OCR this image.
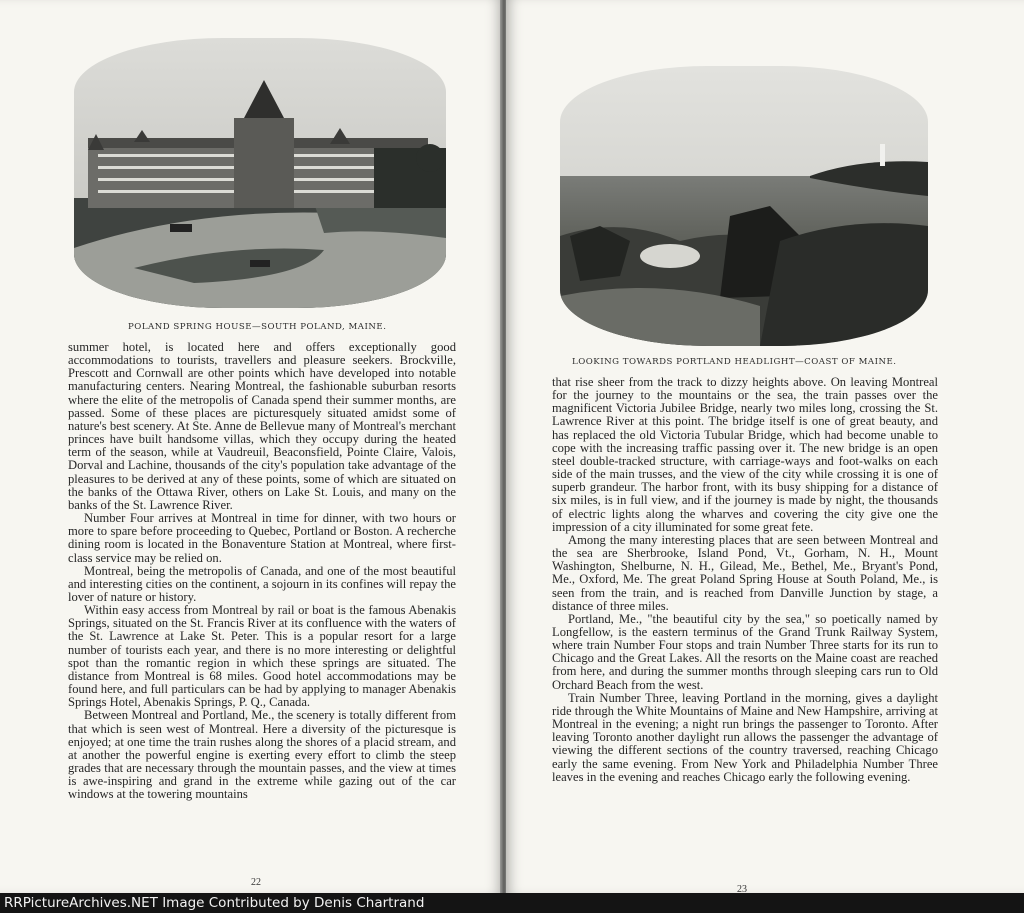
POLAND SPRING HOUSE—SOUTH POLAND, MAINE.

summer hotel, is located here and offers exceptionally good accommodations to tourists, travellers and pleasure seekers. Brockville, Prescott and Cornwall are other points which have developed into notable manufacturing centers. Nearing Montreal, the fashionable suburban resorts where the elite of the metropolis of Canada spend their summer months, are passed. Some of these places are picturesquely situated amidst some of nature's best scenery. At Ste. Anne de Bellevue many of Montreal's merchant princes have built handsome villas, which they occupy during the heated term of the season, while at Vaudreuil, Beaconsfield, Pointe Claire, Valois, Dorval and Lachine, thousands of the city's population take advantage of the pleasures to be derived at any of these points, some of which are situated on the banks of the Ottawa River, others on Lake St. Louis, and many on the banks of the St. Lawrence River.

Number Four arrives at Montreal in time for dinner, with two hours or more to spare before proceeding to Quebec, Portland or Boston. A recherche dining room is located in the Bonaventure Station at Montreal, where first-class service may be relied on.

Montreal, being the metropolis of Canada, and one of the most beautiful and interesting cities on the continent, a sojourn in its confines will repay the lover of nature or history.

Within easy access from Montreal by rail or boat is the famous Abenakis Springs, situated on the St. Francis River at its confluence with the waters of the St. Lawrence at Lake St. Peter. This is a popular resort for a large number of tourists each year, and there is no more interesting or delightful spot than the romantic region in which these springs are situated. The distance from Montreal is 68 miles. Good hotel accommodations may be found here, and full particulars can be had by applying to manager Abenakis Springs Hotel, Abenakis Springs, P. Q., Canada.

Between Montreal and Portland, Me., the scenery is totally different from that which is seen west of Montreal. Here a diversity of the picturesque is enjoyed; at one time the train rushes along the shores of a placid stream, and at another the powerful engine is exerting every effort to climb the steep grades that are necessary through the mountain passes, and the view at times is awe-inspiring and grand in the extreme while gazing out of the car windows at the towering mountains

22
LOOKING TOWARDS PORTLAND HEADLIGHT—COAST OF MAINE.

that rise sheer from the track to dizzy heights above. On leaving Montreal for the journey to the mountains or the sea, the train passes over the magnificent Victoria Jubilee Bridge, nearly two miles long, crossing the St. Lawrence River at this point. The bridge itself is one of great beauty, and has replaced the old Victoria Tubular Bridge, which had become unable to cope with the increasing traffic passing over it. The new bridge is an open steel double-tracked structure, with carriage-ways and foot-walks on each side of the main trusses, and the view of the city while crossing it is one of superb grandeur. The harbor front, with its busy shipping for a distance of six miles, is in full view, and if the journey is made by night, the thousands of electric lights along the wharves and covering the city give one the impression of a city illuminated for some great fete.

Among the many interesting places that are seen between Montreal and the sea are Sherbrooke, Island Pond, Vt., Gorham, N. H., Mount Washington, Shelburne, N. H., Gilead, Me., Bethel, Me., Bryant's Pond, Me., Oxford, Me. The great Poland Spring House at South Poland, Me., is seen from the train, and is reached from Danville Junction by stage, a distance of three miles.

Portland, Me., "the beautiful city by the sea," so poetically named by Longfellow, is the eastern terminus of the Grand Trunk Railway System, where train Number Four stops and train Number Three starts for its run to Chicago and the Great Lakes. All the resorts on the Maine coast are reached from here, and during the summer months through sleeping cars run to Old Orchard Beach from the west.

Train Number Three, leaving Portland in the morning, gives a daylight ride through the White Mountains of Maine and New Hampshire, arriving at Montreal in the evening; a night run brings the passenger to Toronto. After leaving Toronto another daylight run allows the passenger the advantage of viewing the different sections of the country traversed, reaching Chicago early the same evening. From New York and Philadelphia Number Three leaves in the evening and reaches Chicago early the following evening.

23
RRPictureArchives.NET Image Contributed by Denis Chartrand
